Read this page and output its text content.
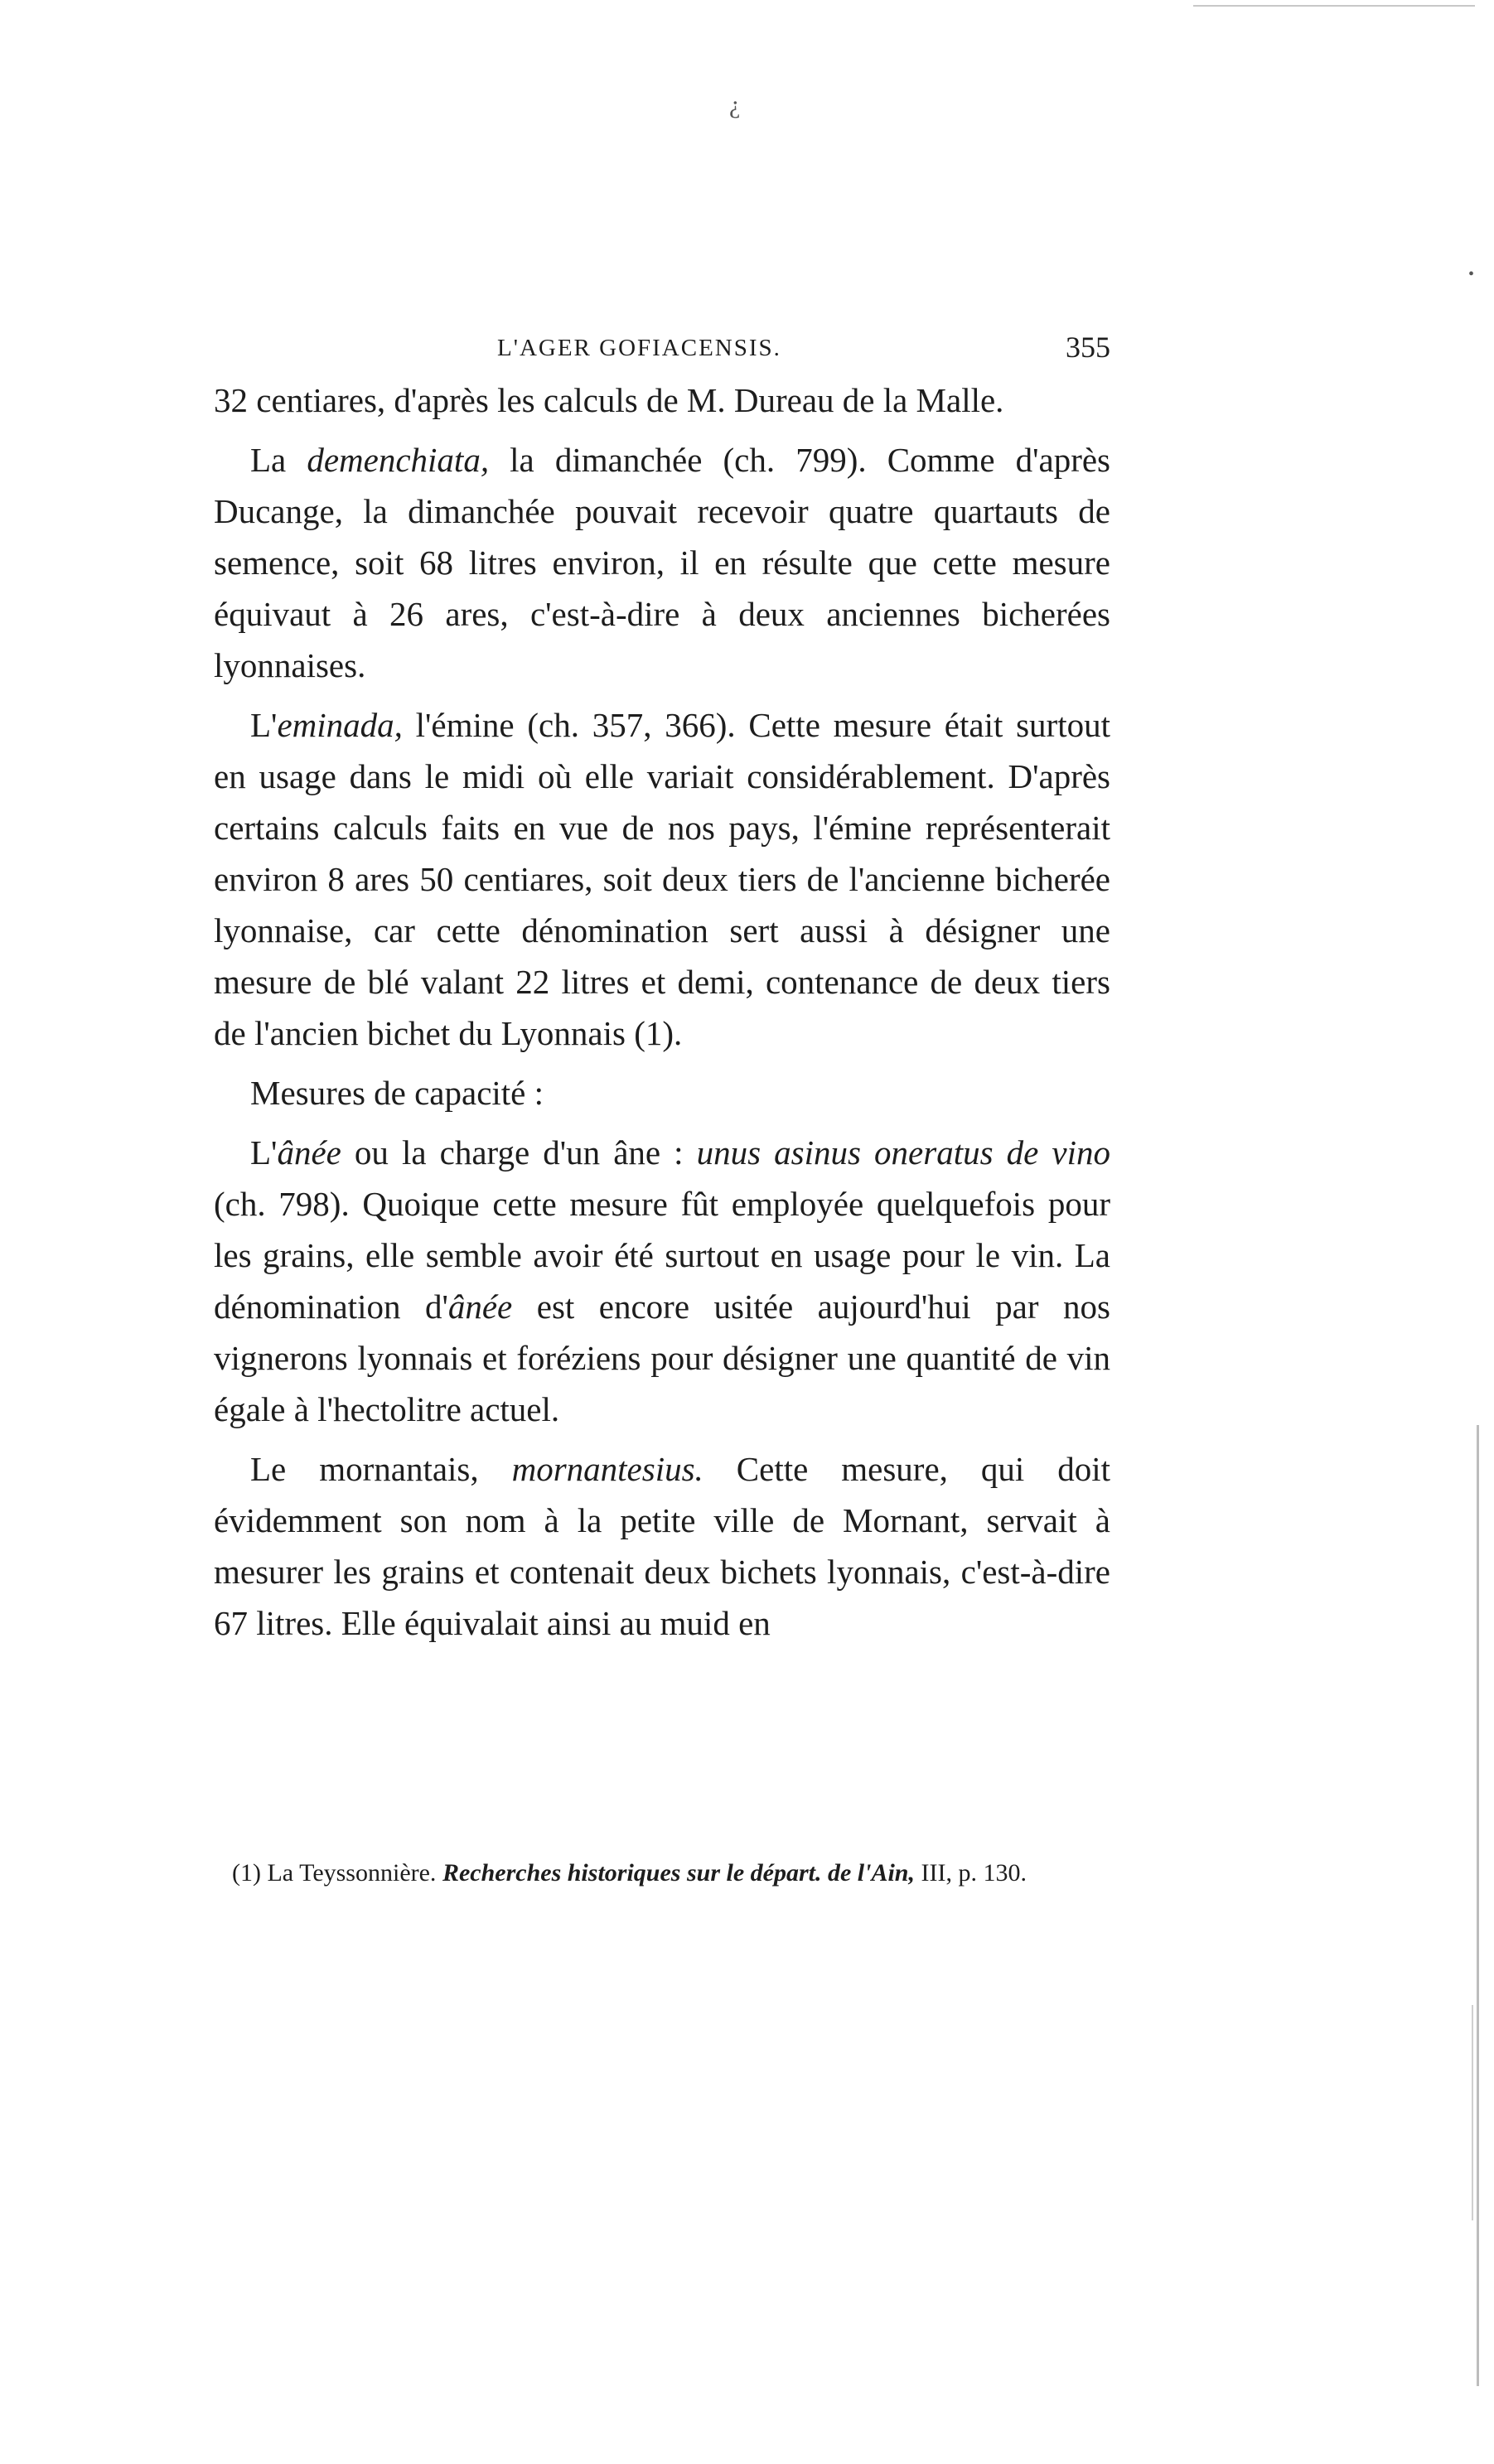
¿
•
L'AGER GOFIACENSIS.	355

32 centiares, d'après les calculs de M. Dureau de la Malle.

La demenchiata, la dimanchée (ch. 799). Comme d'après Ducange, la dimanchée pouvait recevoir quatre quartauts de semence, soit 68 litres environ, il en résulte que cette mesure équivaut à 26 ares, c'est-à-dire à deux anciennes bicherées lyonnaises.

L'eminada, l'émine (ch. 357, 366). Cette mesure était surtout en usage dans le midi où elle variait considérablement. D'après certains calculs faits en vue de nos pays, l'émine représenterait environ 8 ares 50 centiares, soit deux tiers de l'ancienne bicherée lyonnaise, car cette dénomination sert aussi à désigner une mesure de blé valant 22 litres et demi, contenance de deux tiers de l'ancien bichet du Lyonnais (1).

Mesures de capacité :

L'ânée ou la charge d'un âne : unus asinus oneratus de vino (ch. 798). Quoique cette mesure fût employée quelquefois pour les grains, elle semble avoir été surtout en usage pour le vin. La dénomination d'ânée est encore usitée aujourd'hui par nos vignerons lyonnais et foréziens pour désigner une quantité de vin égale à l'hectolitre actuel.

Le mornantais, mornantesius. Cette mesure, qui doit évidemment son nom à la petite ville de Mornant, servait à mesurer les grains et contenait deux bichets lyonnais, c'est-à-dire 67 litres. Elle équivalait ainsi au muid en

(1) La Teyssonnière. Recherches historiques sur le départ. de l'Ain, III, p. 130.
